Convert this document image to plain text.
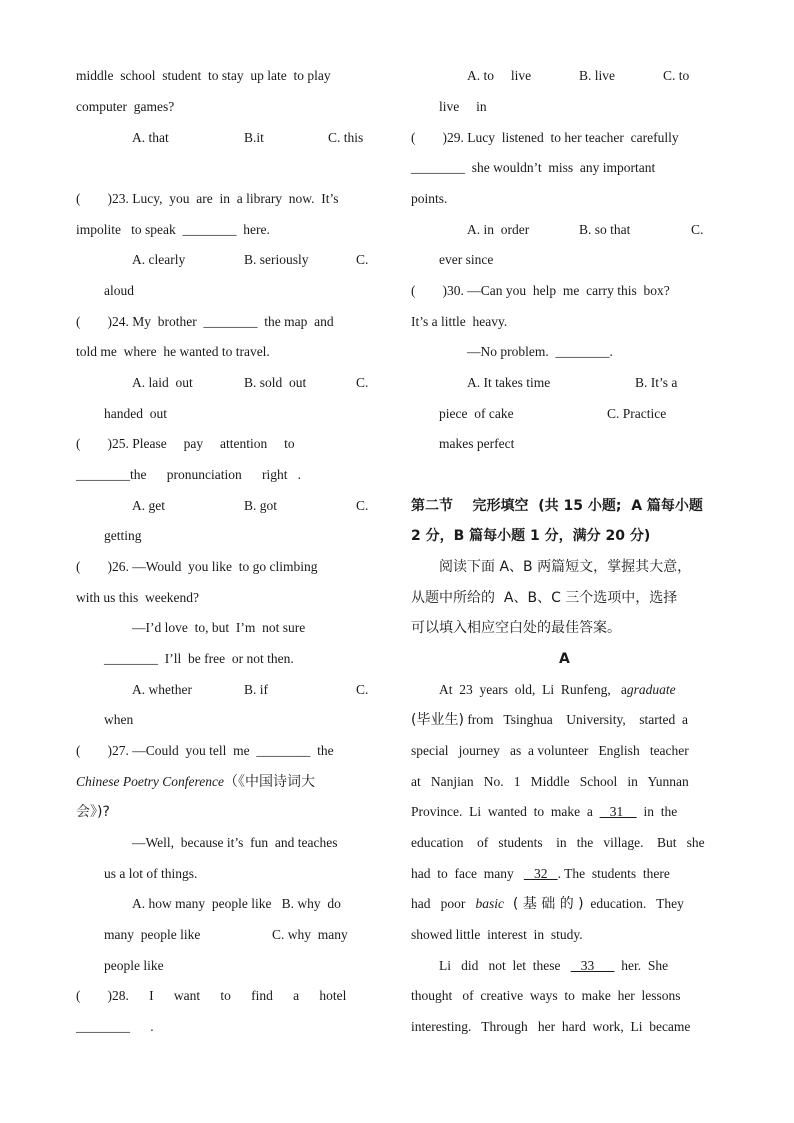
middle  school  student  to stay  up late  to play
computer  games?
A. that	B.it	C. this
(        )23. Lucy,  you  are  in  a library  now.  It’s
impolite   to speak  ________  here.
A. clearly	B. seriously	C.
aloud
(        )24. My  brother  ________  the map  and
told me  where  he wanted to travel.
A. laid  out	B. sold  out	C.
handed  out
(        )25. Please     pay     attention     to
________the      pronunciation      right   .
A. get	B. got	C.
getting
(        )26. —Would  you like  to go climbing
with us this  weekend?
—I’d love  to, but  I’m  not sure
________  I’ll  be free  or not then.
A. whether	B. if	C.
when
(        )27. —Could  you tell  me  ________  the
Chinese Poetry Conference（《中国诗词大
会》)?
—Well,  because it’s  fun  and teaches
us a lot of things.
A. how many  people like   B. why  do
many  people like	C. why  many
people like
(        )28.      I      want      to      find      a      hotel
________      .
A. to     live	B. live	C. to
live     in
(        )29. Lucy  listened  to her teacher  carefully
________  she wouldn’t  miss  any important
points.
A. in  order	B. so that	C.
ever since
(        )30. —Can you  help  me  carry this  box?
It’s a little  heavy.
—No problem.  ________.
A. It takes time	B. It’s a
piece  of cake	C. Practice
makes perfect
第二节    完形填空  (共 15 小题;  A 篇每小题
2 分，B 篇每小题 1 分，满分 20 分)
阅读下面 A、B 两篇短文，掌握其大意，
从题中所给的  A、B、C 三个选项中，选择
可以填入相应空白处的最佳答案。
A
At  23  years  old,  Li  Runfeng,   agraduate
(毕业生) from   Tsinghua    University,    started  a
special   journey   as  a volunteer   English   teacher
at   Nanjian   No.   1   Middle   School   in   Yunnan
Province.  Li  wanted  to  make  a     31      in  the
education    of   students    in   the   village.    But   she
had  to  face  many      32   . The  students  there
had   poor   basic  ( 基 础 的 )  education.   They
showed little  interest  in  study.
Li   did   not  let  these      33        her.  She
thought   of  creative  ways  to  make  her  lessons
interesting.   Through   her  hard  work,  Li  became
